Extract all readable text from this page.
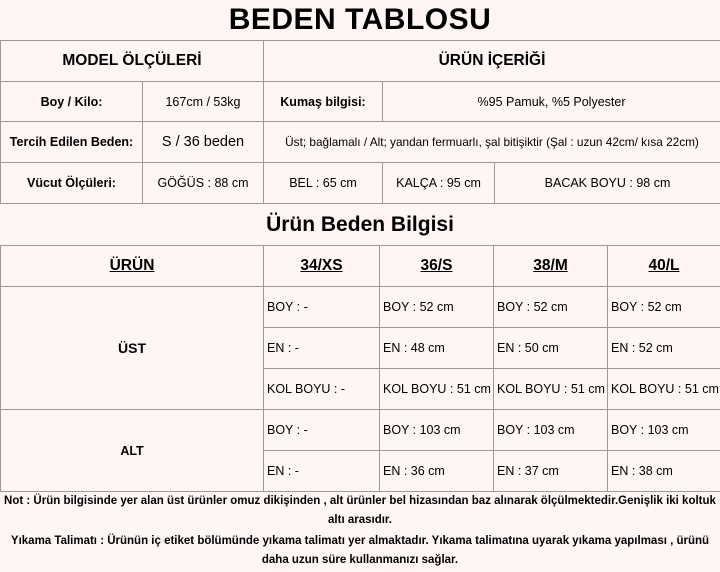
BEDEN TABLOSU
MODEL ÖLÇÜLERİ		ÜRÜN İÇERİĞİ		
Boy / Kilo:	167cm / 53kg	Kumaş bilgisi:	%95 Pamuk, %5 Polyester	
Tercih Edilen Beden:	S / 36 beden	Üst; bağlamalı / Alt; yandan fermuarlı, şal bitişiktir (Şal : uzun 42cm/ kısa 22cm)		
Vücut Ölçüleri:	GÖĞÜS : 88 cm	BEL : 65 cm	KALÇA : 95 cm	BACAK BOYU : 98 cm
Ürün Beden Bilgisi
ÜRÜN	34/XS	36/S	38/M	40/L
ÜST	BOY : -	BOY : 52 cm	BOY : 52 cm	BOY : 52 cm
	EN : -	EN : 48 cm	EN : 50 cm	EN : 52 cm
	KOL BOYU : -	KOL BOYU : 51 cm	KOL BOYU : 51 cm	KOL BOYU : 51 cm
ALT	BOY : -	BOY : 103 cm	BOY : 103 cm	BOY : 103 cm
	EN : -	EN : 36 cm	EN : 37 cm	EN : 38 cm
Not : Ürün bilgisinde yer alan üst ürünler omuz dikişinden , alt ürünler bel hizasından baz alınarak ölçülmektedir.Genişlik iki koltuk altı arasıdır.
Yıkama Talimatı : Ürünün iç etiket bölümünde yıkama talimatı yer almaktadır. Yıkama talimatına uyarak yıkama yapılması , ürünü daha uzun süre kullanmanızı sağlar.
